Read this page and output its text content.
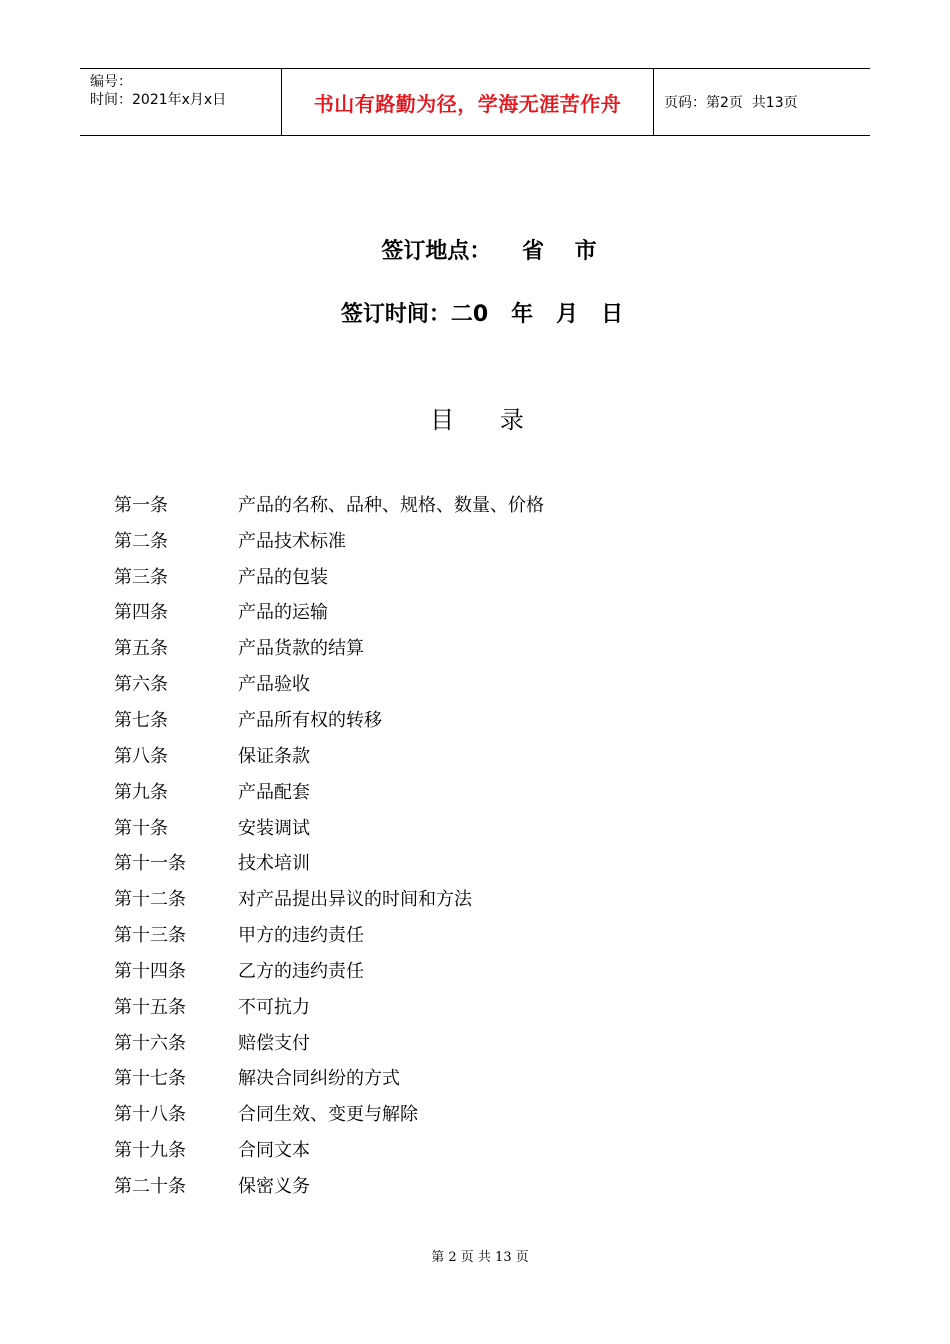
编号：
时间：2021年x月x日	书山有路勤为径，学海无涯苦作舟	页码：第2页  共13页
签订地点：    省    市
签订时间：二0   年   月   日
目      录
第一条	产品的名称、品种、规格、数量、价格
第二条	产品技术标准
第三条	产品的包装
第四条	产品的运输
第五条	产品货款的结算
第六条	产品验收
第七条	产品所有权的转移
第八条	保证条款
第九条	产品配套
第十条	安装调试
第十一条	技术培训
第十二条	对产品提出异议的时间和方法
第十三条	甲方的违约责任
第十四条	乙方的违约责任
第十五条	不可抗力
第十六条	赔偿支付
第十七条	解决合同纠纷的方式
第十八条	合同生效、变更与解除
第十九条	合同文本
第二十条	保密义务
第 2 页 共 13 页
